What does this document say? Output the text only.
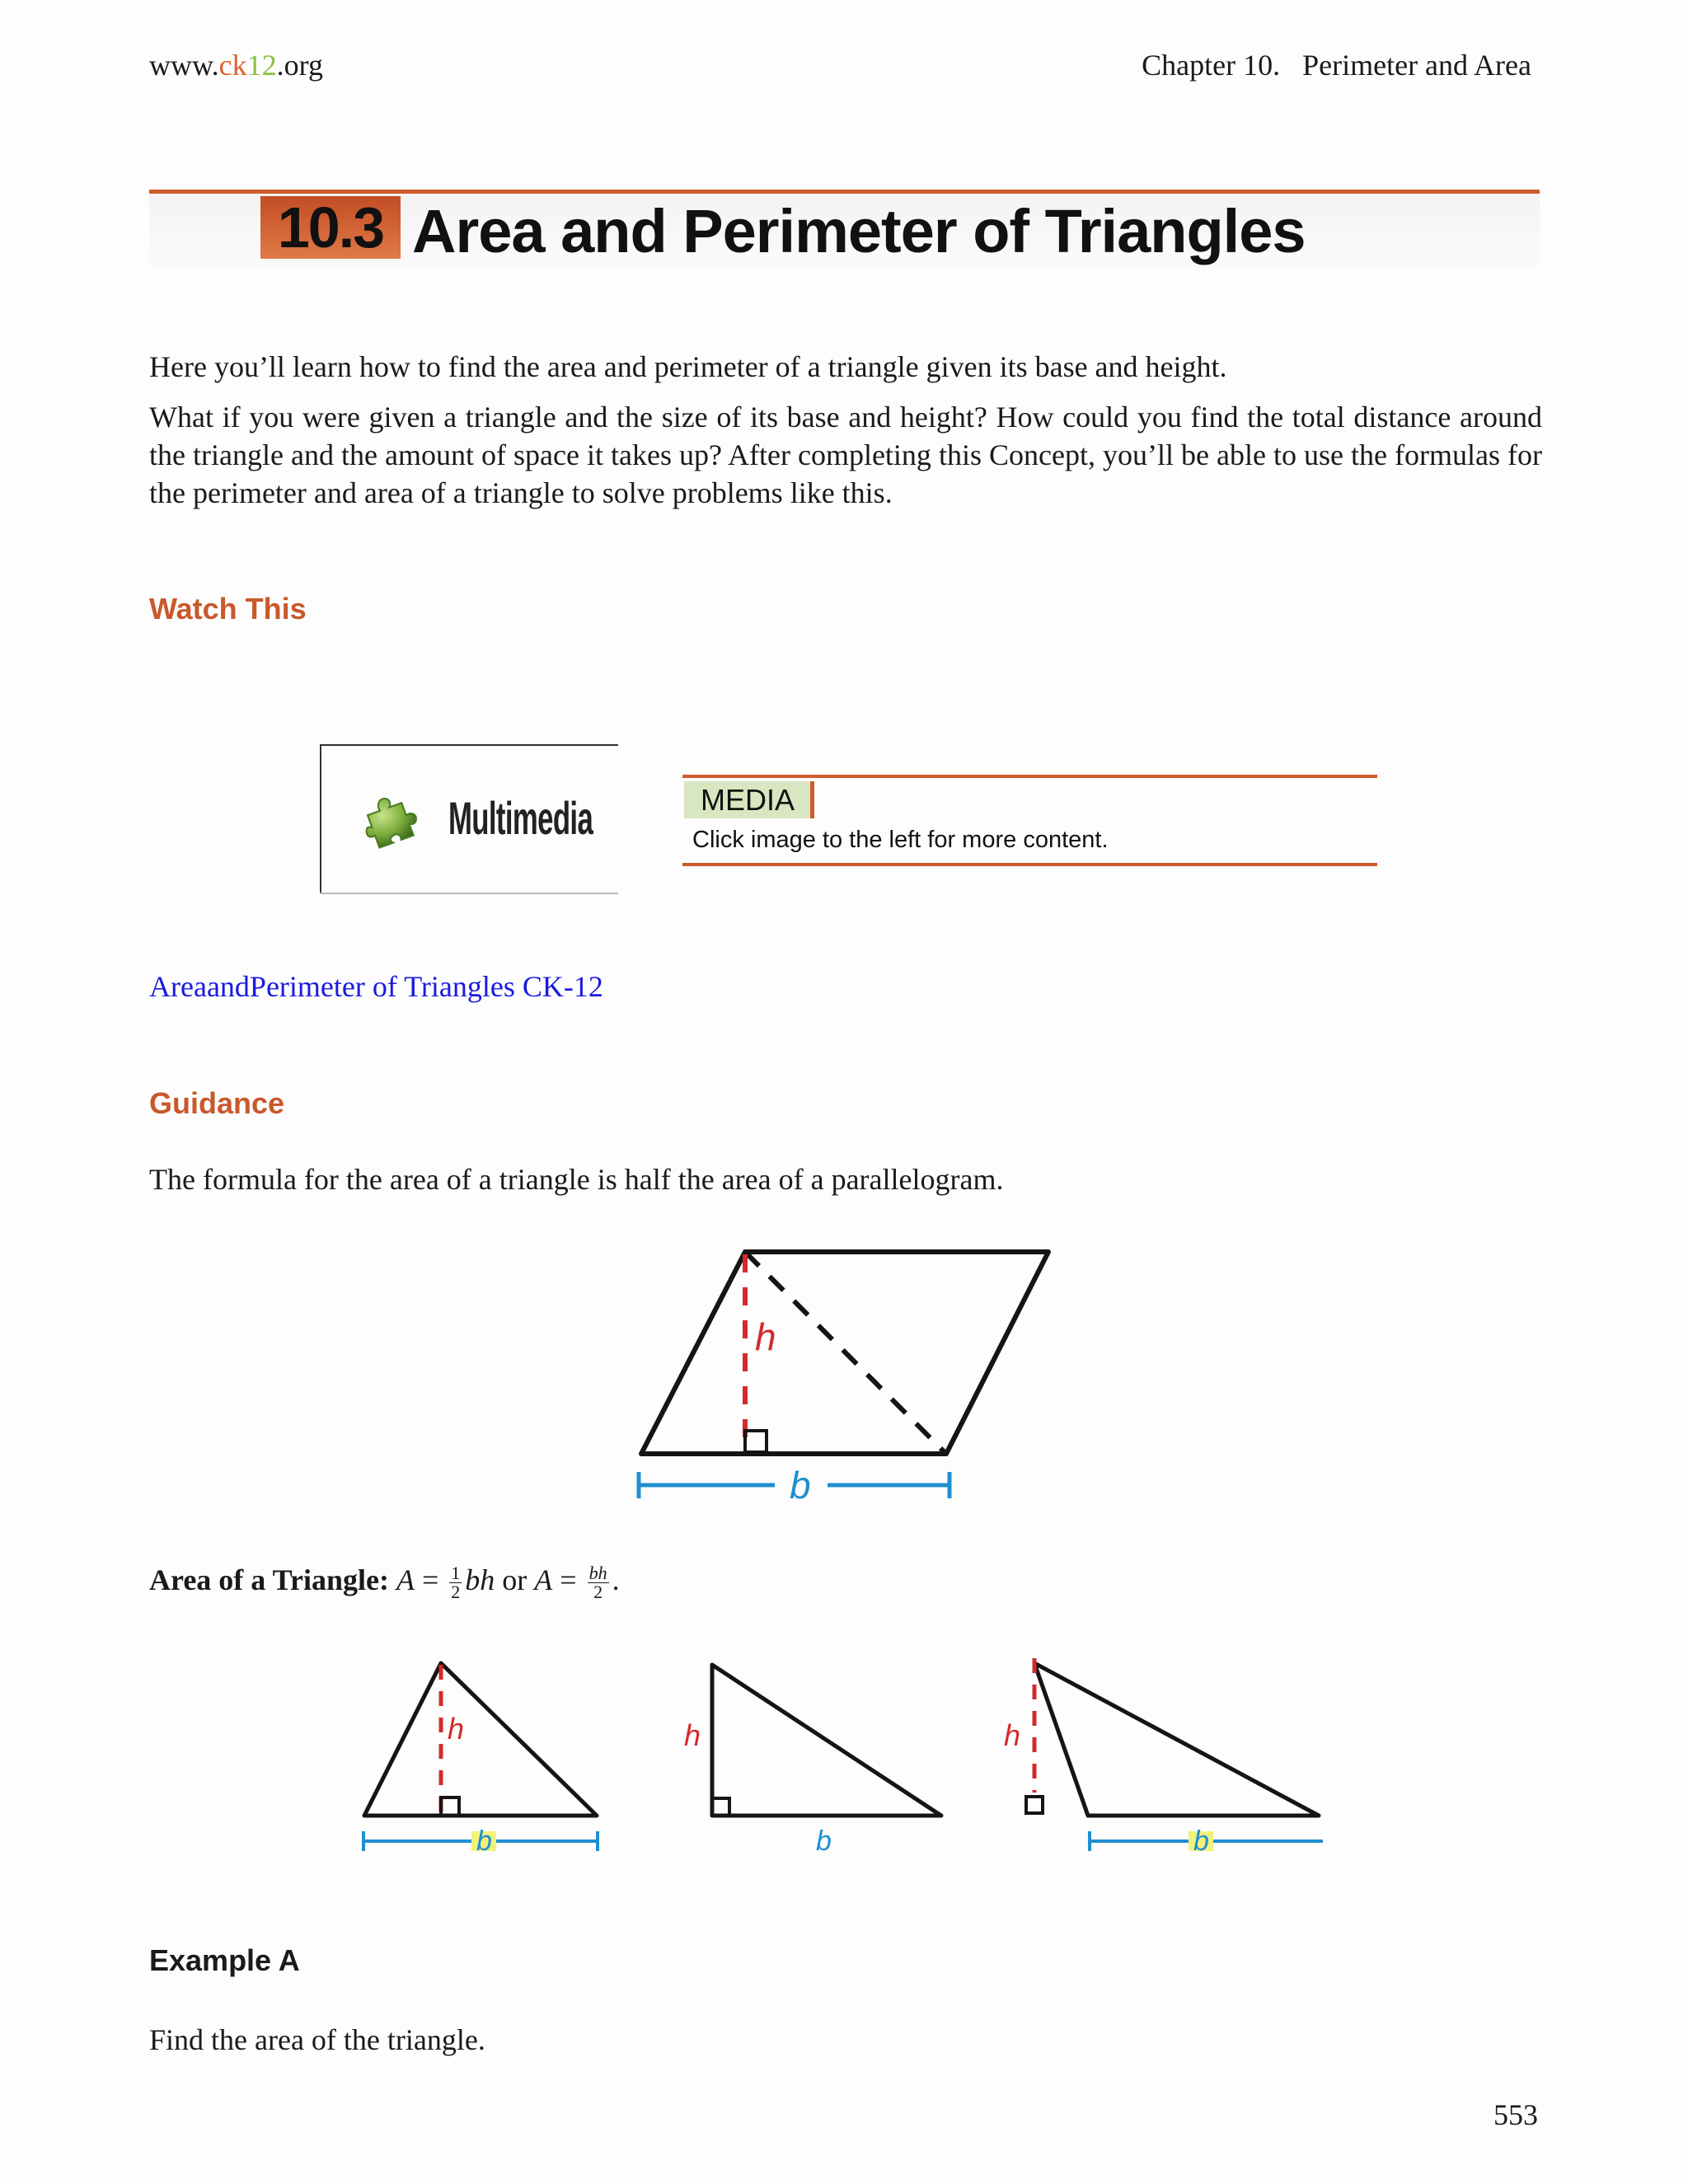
www.ck12.org	Chapter 10.   Perimeter and Area
10.3 Area and Perimeter of Triangles
Here you’ll learn how to find the area and perimeter of a triangle given its base and height.
What if you were given a triangle and the size of its base and height? How could you find the total distance around the triangle and the amount of space it takes up? After completing this Concept, you’ll be able to use the formulas for the perimeter and area of a triangle to solve problems like this.
Watch This
Multimedia	MEDIA
Click image to the left for more content.
AreaandPerimeter of Triangles CK-12
Guidance
The formula for the area of a triangle is half the area of a parallelogram.
h
b
Area of a Triangle: $A = \frac{1}{2}$ bh or $A = \frac{bh}{2}$ .
h
b
h
b
h
b
Example A
Find the area of the triangle.
553
